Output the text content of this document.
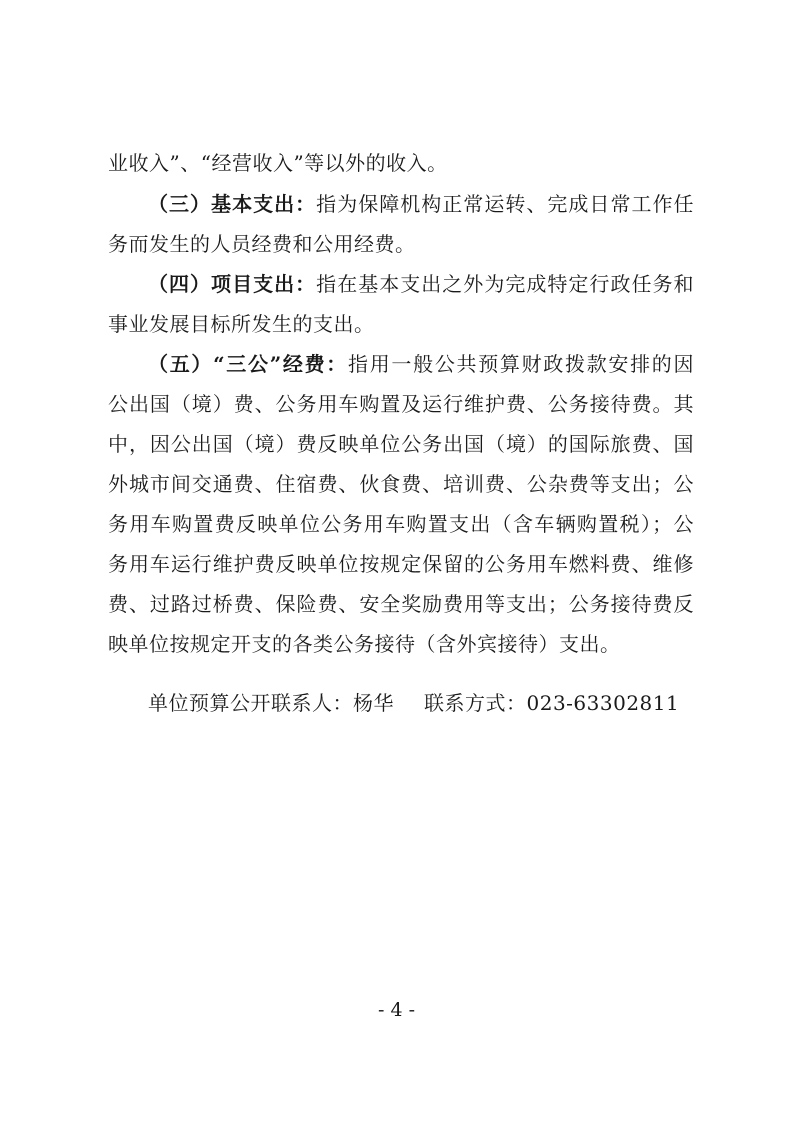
业收入”、“经营收入”等以外的收入。
（三）基本支出：指为保障机构正常运转、完成日常工作任
务而发生的人员经费和公用经费。
（四）项目支出：指在基本支出之外为完成特定行政任务和
事业发展目标所发生的支出。
（五）“三公”经费：指用一般公共预算财政拨款安排的因
公出国（境）费、公务用车购置及运行维护费、公务接待费。其
中，因公出国（境）费反映单位公务出国（境）的国际旅费、国
外城市间交通费、住宿费、伙食费、培训费、公杂费等支出；公
务用车购置费反映单位公务用车购置支出（含车辆购置税）；公
务用车运行维护费反映单位按规定保留的公务用车燃料费、维修
费、过路过桥费、保险费、安全奖励费用等支出；公务接待费反
映单位按规定开支的各类公务接待（含外宾接待）支出。
单位预算公开联系人：杨华 联系方式：023-63302811
- 4 -
